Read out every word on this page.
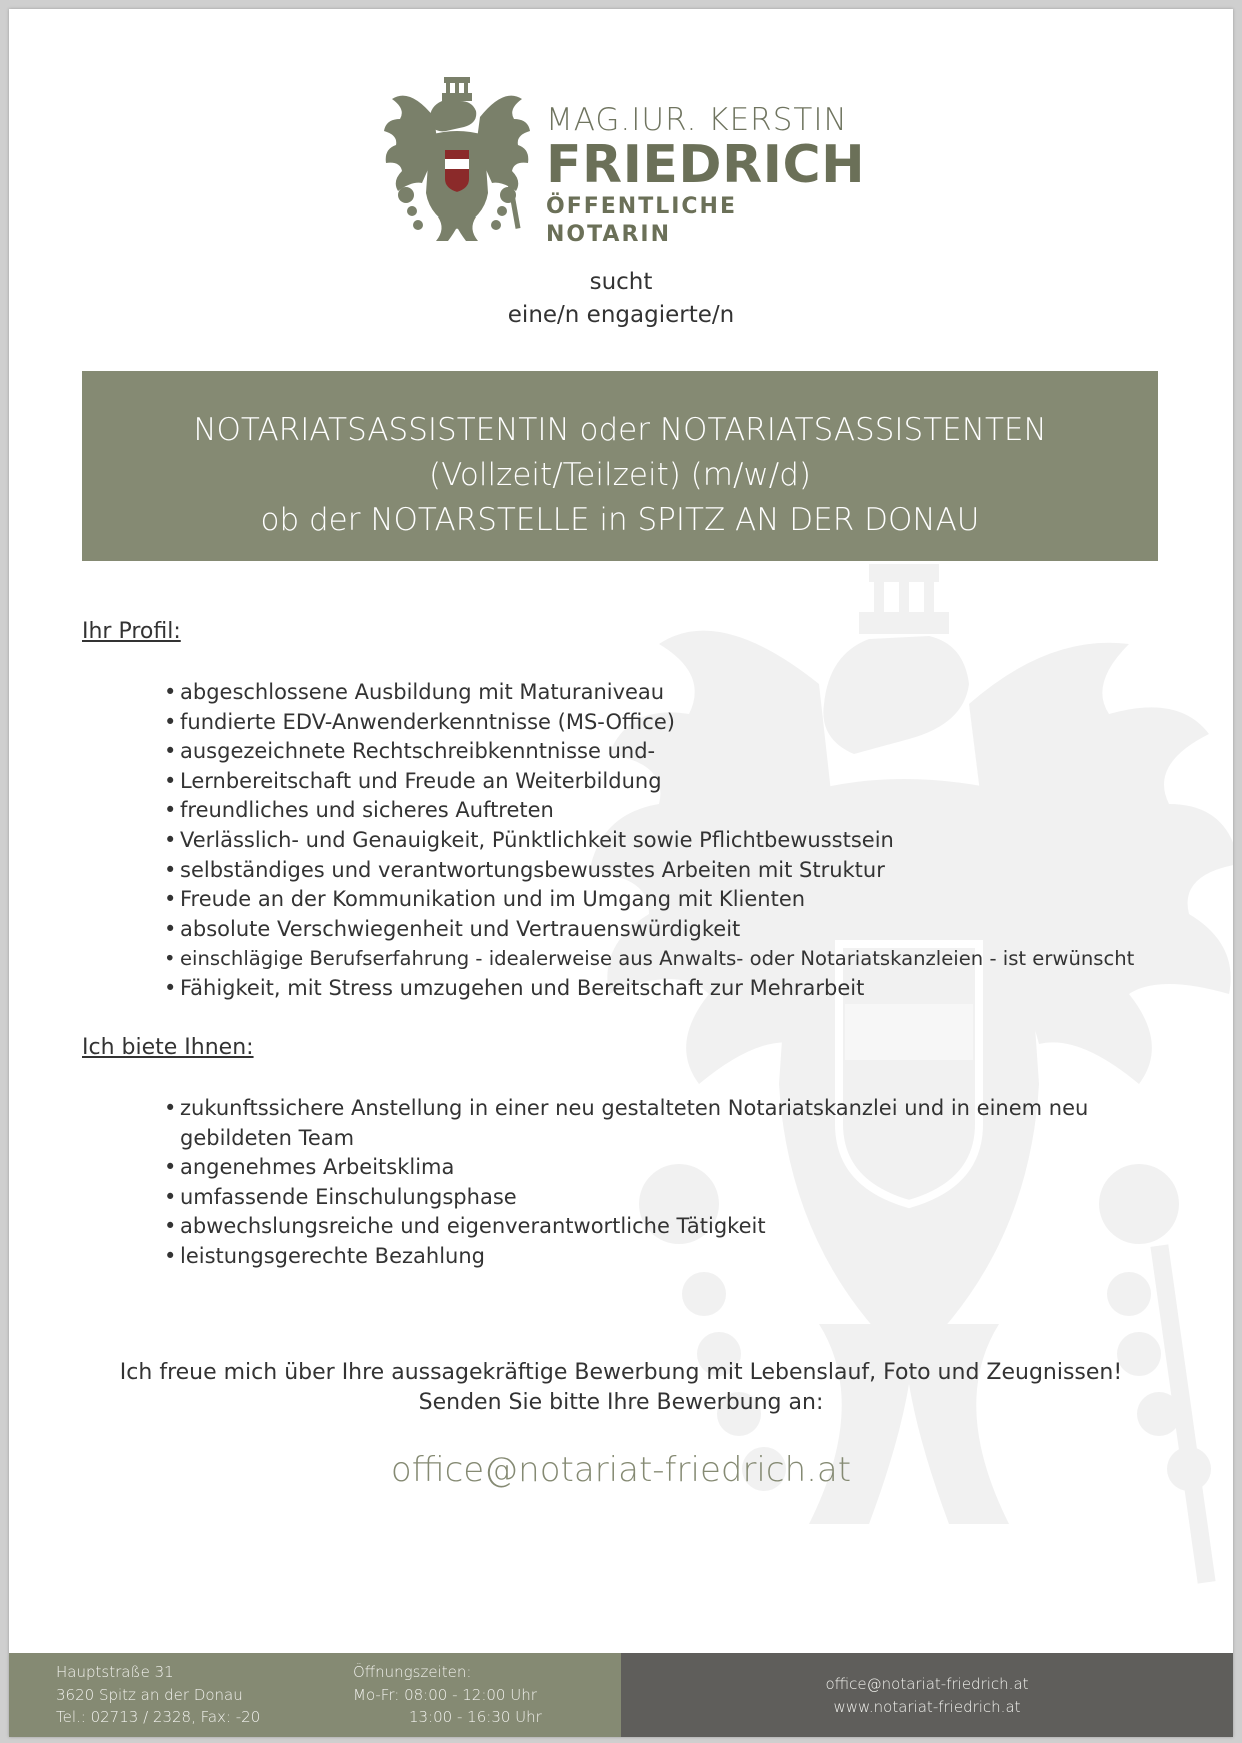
MAG.IUR. KERSTIN
FRIEDRICH
ÖFFENTLICHE NOTARIN
sucht
eine/n engagierte/n
NOTARIATSASSISTENTIN oder NOTARIATSASSISTENTEN
(Vollzeit/Teilzeit) (m/w/d)
ob der NOTARSTELLE in SPITZ AN DER DONAU
Ihr Profil:
• abgeschlossene Ausbildung mit Maturaniveau
• fundierte EDV-Anwenderkenntnisse (MS-Office)
• ausgezeichnete Rechtschreibkenntnisse und-
• Lernbereitschaft und Freude an Weiterbildung
• freundliches und sicheres Auftreten
• Verlässlich- und Genauigkeit, Pünktlichkeit sowie Pflichtbewusstsein
• selbständiges und verantwortungsbewusstes Arbeiten mit Struktur
• Freude an der Kommunikation und im Umgang mit Klienten
• absolute Verschwiegenheit und Vertrauenswürdigkeit
• einschlägige Berufserfahrung - idealerweise aus Anwalts- oder Notariatskanzleien - ist erwünscht
• Fähigkeit, mit Stress umzugehen und Bereitschaft zur Mehrarbeit
Ich biete Ihnen:
• zukunftssichere Anstellung in einer neu gestalteten Notariatskanzlei und in einem neu
gebildeten Team
• angenehmes Arbeitsklima
• umfassende Einschulungsphase
• abwechslungsreiche und eigenverantwortliche Tätigkeit
• leistungsgerechte Bezahlung
Ich freue mich über Ihre aussagekräftige Bewerbung mit Lebenslauf, Foto und Zeugnissen!
Senden Sie bitte Ihre Bewerbung an:
office@notariat-friedrich.at
Hauptstraße 31
3620 Spitz an der Donau
Tel.: 02713 / 2328, Fax: -20
Öffnungszeiten:
Mo-Fr: 08:00 - 12:00 Uhr
13:00 - 16:30 Uhr
office@notariat-friedrich.at
www.notariat-friedrich.at
